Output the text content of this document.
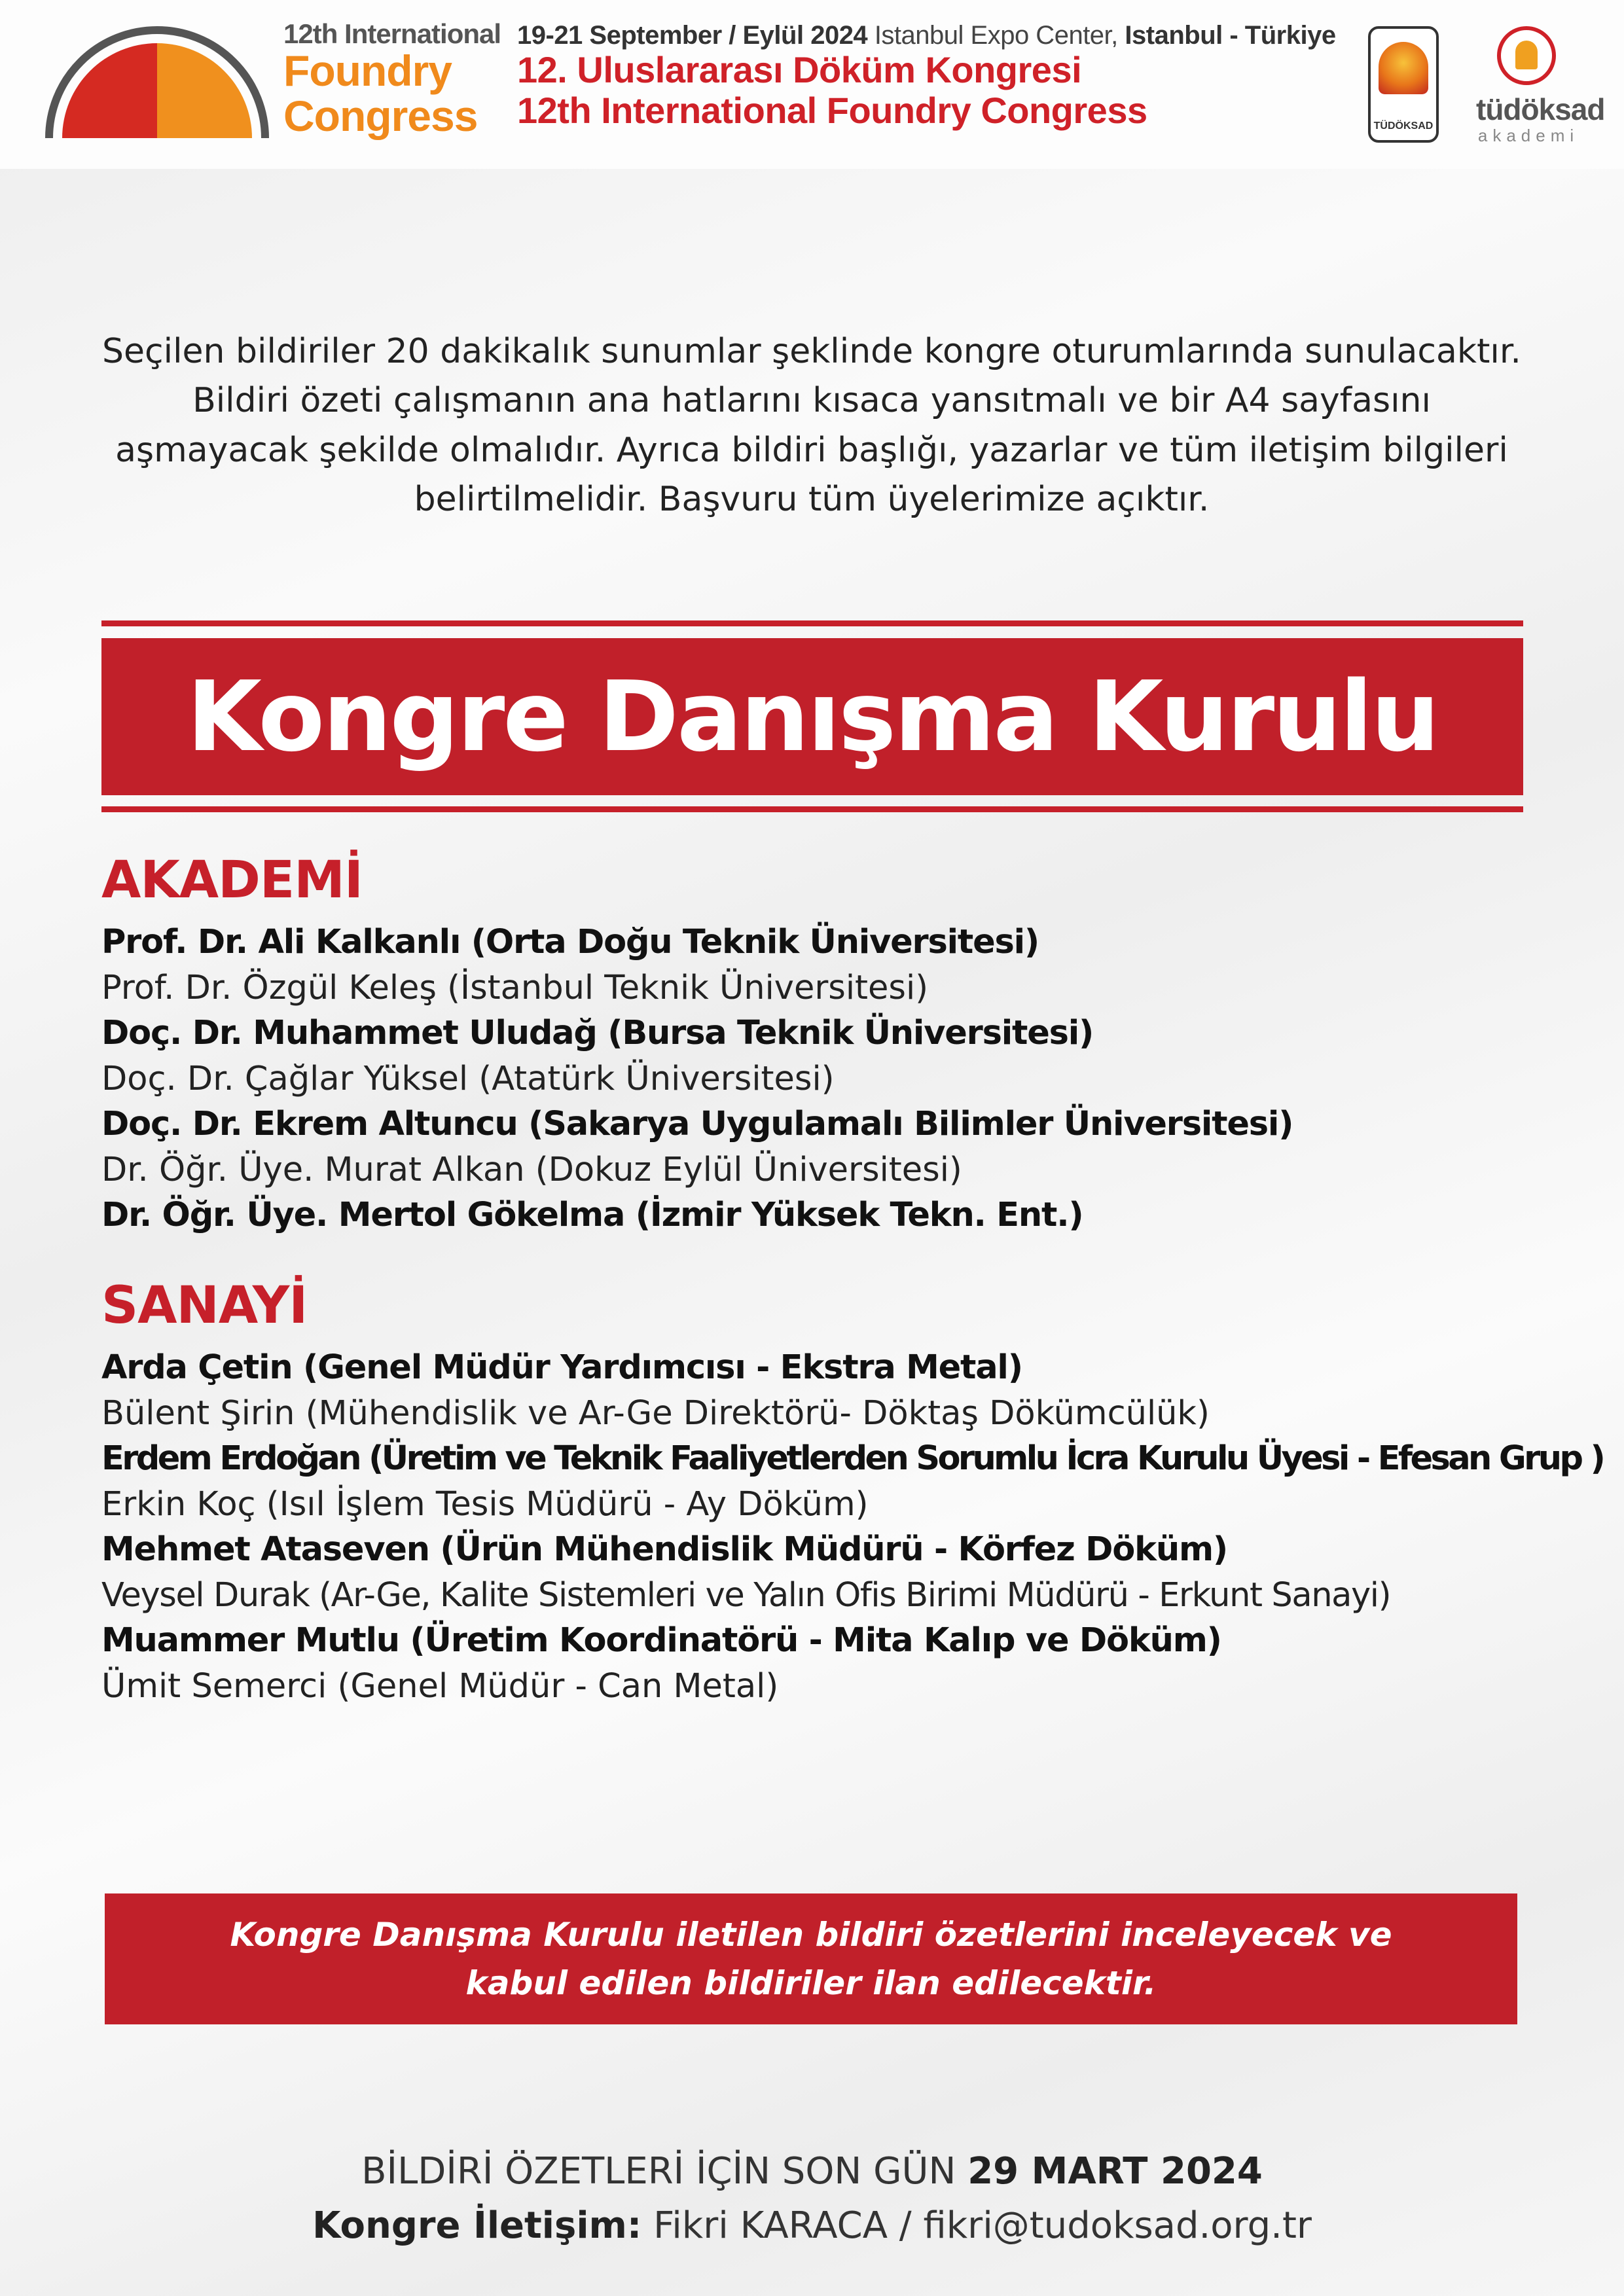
12th International
Foundry
Congress
19-21 September / Eylül 2024 Istanbul Expo Center, Istanbul - Türkiye
12. Uluslararası Döküm Kongresi
12th International Foundry Congress	TÜDÖKSAD tüdöksad
akademi
Seçilen bildiriler 20 dakikalık sunumlar şeklinde kongre oturumlarında sunulacaktır. Bildiri özeti çalışmanın ana hatlarını kısaca yansıtmalı ve bir A4 sayfasını aşmayacak şekilde olmalıdır. Ayrıca bildiri başlığı, yazarlar ve tüm iletişim bilgileri belirtilmelidir. Başvuru tüm üyelerimize açıktır.
Kongre Danışma Kurulu
AKADEMİ
Prof. Dr. Ali Kalkanlı (Orta Doğu Teknik Üniversitesi)
Prof. Dr. Özgül Keleş (İstanbul Teknik Üniversitesi)
Doç. Dr. Muhammet Uludağ (Bursa Teknik Üniversitesi)
Doç. Dr. Çağlar Yüksel (Atatürk Üniversitesi)
Doç. Dr. Ekrem Altuncu (Sakarya Uygulamalı Bilimler Üniversitesi)
Dr. Öğr. Üye. Murat Alkan (Dokuz Eylül Üniversitesi)
Dr. Öğr. Üye. Mertol Gökelma (İzmir Yüksek Tekn. Ent.)
SANAYİ
Arda Çetin (Genel Müdür Yardımcısı - Ekstra Metal)
Bülent Şirin (Mühendislik ve Ar-Ge Direktörü- Döktaş Dökümcülük)
Erdem Erdoğan (Üretim ve Teknik Faaliyetlerden Sorumlu İcra Kurulu Üyesi - Efesan Grup )
Erkin Koç (Isıl İşlem Tesis Müdürü - Ay Döküm)
Mehmet Ataseven (Ürün Mühendislik Müdürü - Körfez Döküm)
Veysel Durak (Ar-Ge, Kalite Sistemleri ve Yalın Ofis Birimi Müdürü - Erkunt Sanayi)
Muammer Mutlu (Üretim Koordinatörü - Mita Kalıp ve Döküm)
Ümit Semerci (Genel Müdür - Can Metal)
Kongre Danışma Kurulu iletilen bildiri özetlerini inceleyecek ve
kabul edilen bildiriler ilan edilecektir.
BİLDİRİ ÖZETLERİ İÇİN SON GÜN 29 MART 2024
Kongre İletişim: Fikri KARACA / fikri@tudoksad.org.tr
